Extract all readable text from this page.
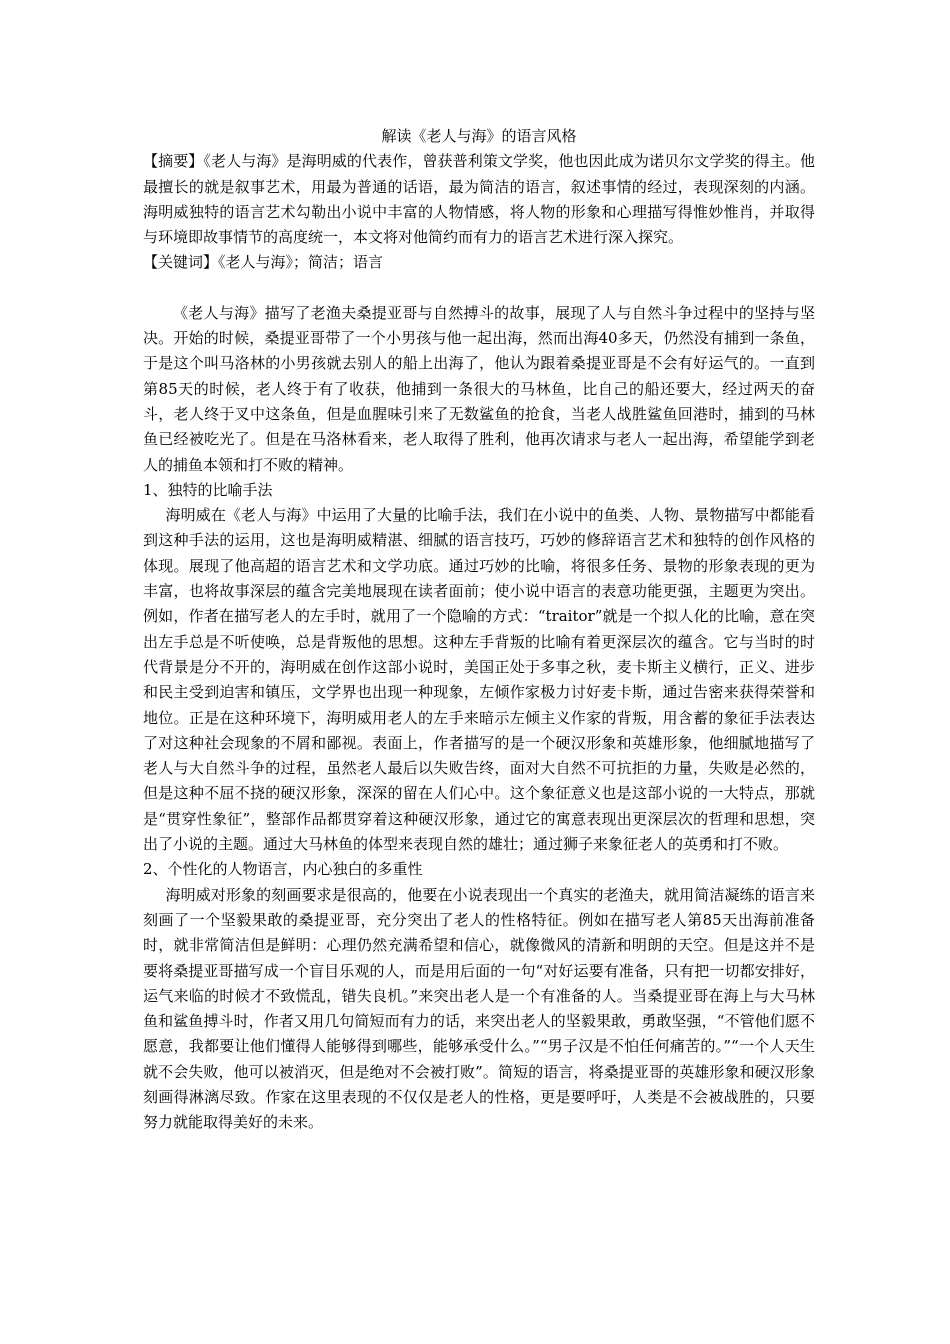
解读《老人与海》的语言风格

【摘要】《老人与海》是海明威的代表作，曾获普利策文学奖，他也因此成为诺贝尔文学奖的得主。他最擅长的就是叙事艺术，用最为普通的话语，最为简洁的语言，叙述事情的经过，表现深刻的内涵。海明威独特的语言艺术勾勒出小说中丰富的人物情感，将人物的形象和心理描写得惟妙惟肖，并取得与环境即故事情节的高度统一，本文将对他简约而有力的语言艺术进行深入探究。

【关键词】《老人与海》；简洁；语言

《老人与海》描写了老渔夫桑提亚哥与自然搏斗的故事，展现了人与自然斗争过程中的坚持与坚决。开始的时候，桑提亚哥带了一个小男孩与他一起出海，然而出海40多天，仍然没有捕到一条鱼，于是这个叫马洛林的小男孩就去别人的船上出海了，他认为跟着桑提亚哥是不会有好运气的。一直到第85天的时候，老人终于有了收获，他捕到一条很大的马林鱼，比自己的船还要大，经过两天的奋斗，老人终于叉中这条鱼，但是血腥味引来了无数鲨鱼的抢食，当老人战胜鲨鱼回港时，捕到的马林鱼已经被吃光了。但是在马洛林看来，老人取得了胜利，他再次请求与老人一起出海，希望能学到老人的捕鱼本领和打不败的精神。

1、独特的比喻手法

海明威在《老人与海》中运用了大量的比喻手法，我们在小说中的鱼类、人物、景物描写中都能看到这种手法的运用，这也是海明威精湛、细腻的语言技巧，巧妙的修辞语言艺术和独特的创作风格的体现。展现了他高超的语言艺术和文学功底。通过巧妙的比喻，将很多任务、景物的形象表现的更为丰富，也将故事深层的蕴含完美地展现在读者面前；使小说中语言的表意功能更强，主题更为突出。例如，作者在描写老人的左手时，就用了一个隐喻的方式：“traitor”就是一个拟人化的比喻，意在突出左手总是不听使唤，总是背叛他的思想。这种左手背叛的比喻有着更深层次的蕴含。它与当时的时代背景是分不开的，海明威在创作这部小说时，美国正处于多事之秋，麦卡斯主义横行，正义、进步和民主受到迫害和镇压，文学界也出现一种现象，左倾作家极力讨好麦卡斯，通过告密来获得荣誉和地位。正是在这种环境下，海明威用老人的左手来暗示左倾主义作家的背叛，用含蓄的象征手法表达了对这种社会现象的不屑和鄙视。表面上，作者描写的是一个硬汉形象和英雄形象，他细腻地描写了老人与大自然斗争的过程，虽然老人最后以失败告终，面对大自然不可抗拒的力量，失败是必然的，但是这种不屈不挠的硬汉形象，深深的留在人们心中。这个象征意义也是这部小说的一大特点，那就是“贯穿性象征”，整部作品都贯穿着这种硬汉形象，通过它的寓意表现出更深层次的哲理和思想，突出了小说的主题。通过大马林鱼的体型来表现自然的雄壮；通过狮子来象征老人的英勇和打不败。

2、个性化的人物语言，内心独白的多重性

海明威对形象的刻画要求是很高的，他要在小说表现出一个真实的老渔夫，就用简洁凝练的语言来刻画了一个坚毅果敢的桑提亚哥，充分突出了老人的性格特征。例如在描写老人第85天出海前准备时，就非常简洁但是鲜明：心理仍然充满希望和信心，就像微风的清新和明朗的天空。但是这并不是要将桑提亚哥描写成一个盲目乐观的人，而是用后面的一句“对好运要有准备，只有把一切都安排好，运气来临的时候才不致慌乱，错失良机。”来突出老人是一个有准备的人。当桑提亚哥在海上与大马林鱼和鲨鱼搏斗时，作者又用几句简短而有力的话，来突出老人的坚毅果敢，勇敢坚强，“不管他们愿不愿意，我都要让他们懂得人能够得到哪些，能够承受什么。”“男子汉是不怕任何痛苦的。”“一个人天生就不会失败，他可以被消灭，但是绝对不会被打败”。简短的语言，将桑提亚哥的英雄形象和硬汉形象刻画得淋漓尽致。作家在这里表现的不仅仅是老人的性格，更是要呼吁，人类是不会被战胜的，只要努力就能取得美好的未来。
